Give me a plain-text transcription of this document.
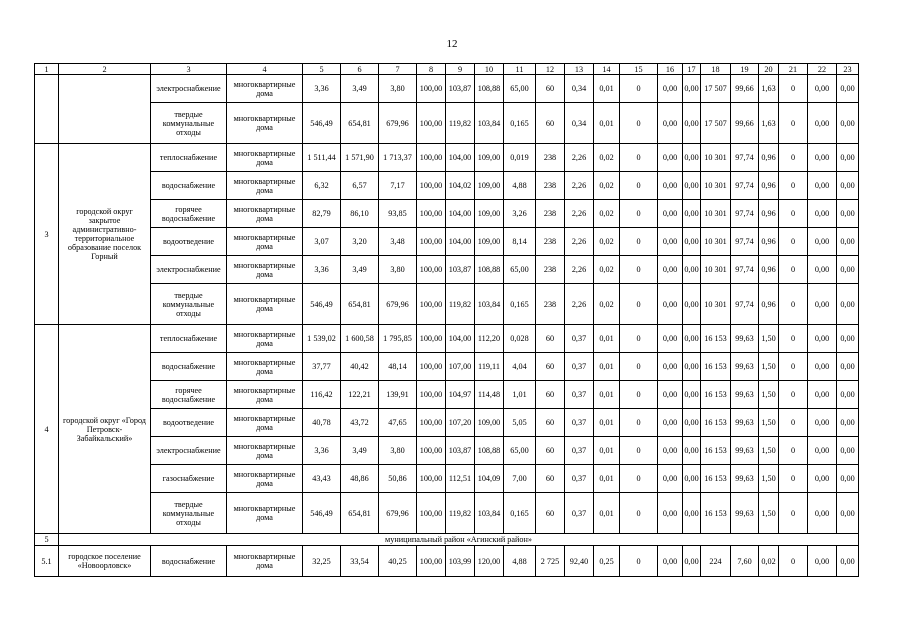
12
1	2	3	4	5	6	7	8	9	10	11	12	13	14	15	16	17	18	19	20	21	22	23
		электроснабжение	многоквартирные дома	3,36	3,49	3,80	100,00	103,87	108,88	65,00	60	0,34	0,01	0	0,00	0,00	17 507	99,66	1,63	0	0,00	0,00
		твердые коммунальные отходы	многоквартирные дома	546,49	654,81	679,96	100,00	119,82	103,84	0,165	60	0,34	0,01	0	0,00	0,00	17 507	99,66	1,63	0	0,00	0,00
3	городской округ закрытое административно-территориальное образование поселок Горный	теплоснабжение	многоквартирные дома	1 511,44	1 571,90	1 713,37	100,00	104,00	109,00	0,019	238	2,26	0,02	0	0,00	0,00	10 301	97,74	0,96	0	0,00	0,00
		водоснабжение	многоквартирные дома	6,32	6,57	7,17	100,00	104,02	109,00	4,88	238	2,26	0,02	0	0,00	0,00	10 301	97,74	0,96	0	0,00	0,00
		горячее водоснабжение	многоквартирные дома	82,79	86,10	93,85	100,00	104,00	109,00	3,26	238	2,26	0,02	0	0,00	0,00	10 301	97,74	0,96	0	0,00	0,00
		водоотведение	многоквартирные дома	3,07	3,20	3,48	100,00	104,00	109,00	8,14	238	2,26	0,02	0	0,00	0,00	10 301	97,74	0,96	0	0,00	0,00
		электроснабжение	многоквартирные дома	3,36	3,49	3,80	100,00	103,87	108,88	65,00	238	2,26	0,02	0	0,00	0,00	10 301	97,74	0,96	0	0,00	0,00
		твердые коммунальные отходы	многоквартирные дома	546,49	654,81	679,96	100,00	119,82	103,84	0,165	238	2,26	0,02	0	0,00	0,00	10 301	97,74	0,96	0	0,00	0,00
4	городской округ «Город Петровск-Забайкальский»	теплоснабжение	многоквартирные дома	1 539,02	1 600,58	1 795,85	100,00	104,00	112,20	0,028	60	0,37	0,01	0	0,00	0,00	16 153	99,63	1,50	0	0,00	0,00
		водоснабжение	многоквартирные дома	37,77	40,42	48,14	100,00	107,00	119,11	4,04	60	0,37	0,01	0	0,00	0,00	16 153	99,63	1,50	0	0,00	0,00
		горячее водоснабжение	многоквартирные дома	116,42	122,21	139,91	100,00	104,97	114,48	1,01	60	0,37	0,01	0	0,00	0,00	16 153	99,63	1,50	0	0,00	0,00
		водоотведение	многоквартирные дома	40,78	43,72	47,65	100,00	107,20	109,00	5,05	60	0,37	0,01	0	0,00	0,00	16 153	99,63	1,50	0	0,00	0,00
		электроснабжение	многоквартирные дома	3,36	3,49	3,80	100,00	103,87	108,88	65,00	60	0,37	0,01	0	0,00	0,00	16 153	99,63	1,50	0	0,00	0,00
		газоснабжение	многоквартирные дома	43,43	48,86	50,86	100,00	112,51	104,09	7,00	60	0,37	0,01	0	0,00	0,00	16 153	99,63	1,50	0	0,00	0,00
		твердые коммунальные отходы	многоквартирные дома	546,49	654,81	679,96	100,00	119,82	103,84	0,165	60	0,37	0,01	0	0,00	0,00	16 153	99,63	1,50	0	0,00	0,00
5	муниципальный район «Агинский район»																					
5.1	городское поселение «Новоорловск»	водоснабжение	многоквартирные дома	32,25	33,54	40,25	100,00	103,99	120,00	4,88	2 725	92,40	0,25	0	0,00	0,00	224	7,60	0,02	0	0,00	0,00
